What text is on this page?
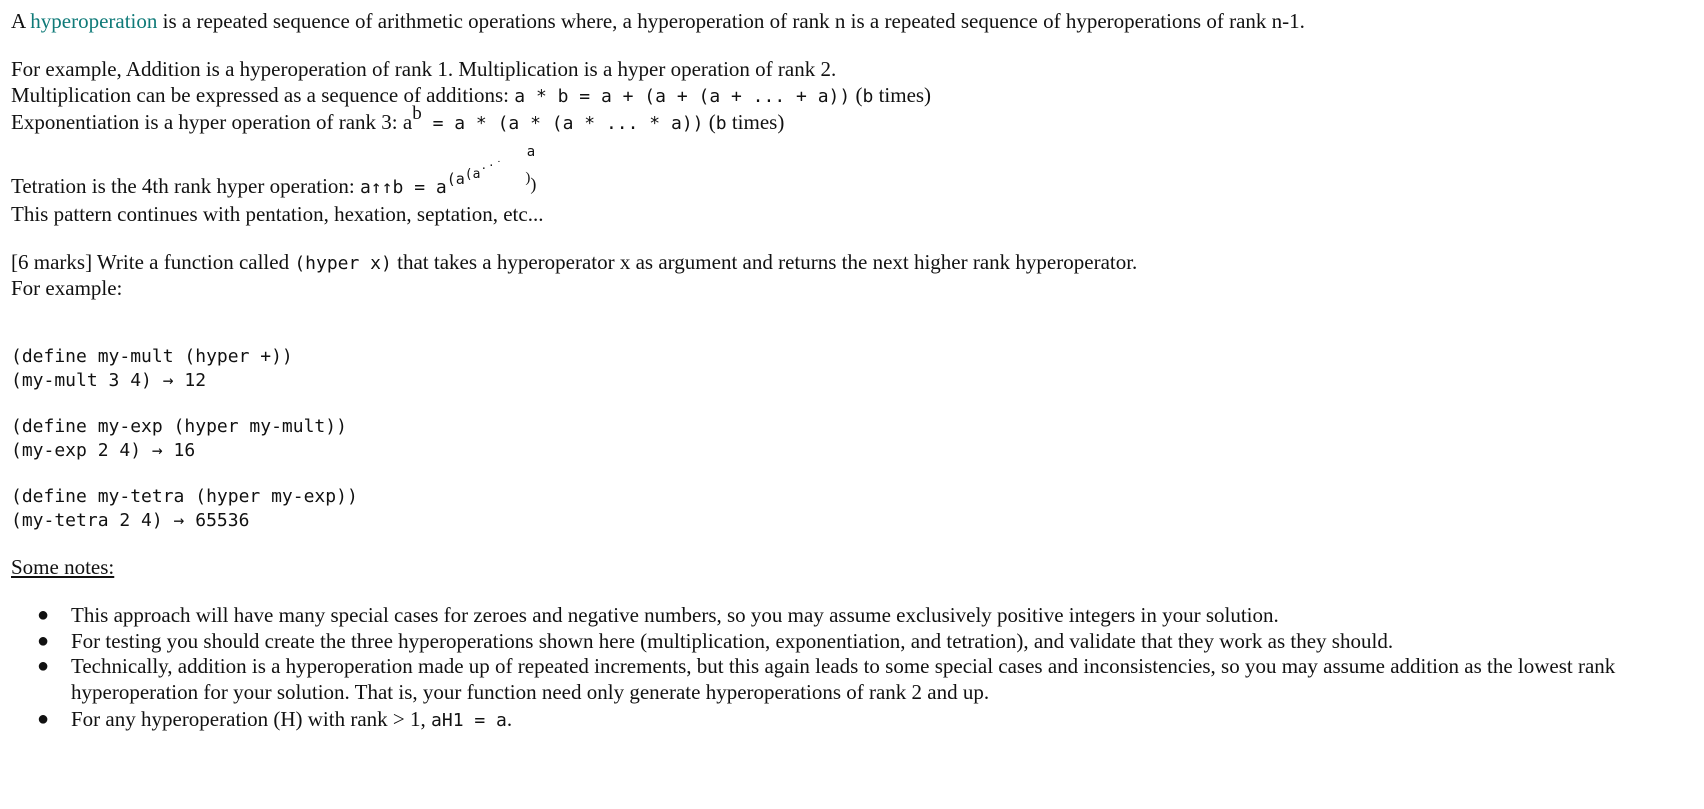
A hyperoperation is a repeated sequence of arithmetic operations where, a hyperoperation of rank n is a repeated sequence of hyperoperations of rank n-1.
For example, Addition is a hyperoperation of rank 1. Multiplication is a hyper operation of rank 2.
Multiplication can be expressed as a sequence of additions: a * b = a + (a + (a + ... + a)) (b times)
Exponentiation is a hyper operation of rank 3: $a^b = a * (a * (a$ * ... * a)) (b times)
Tetration is the 4th rank hyper operation: a↑↑b = $a^{(a(a.\cdot˙}$
a
))
This pattern continues with pentation, hexation, septation, etc...
[6 marks] Write a function called (hyper x) that takes a hyperoperator x as argument and returns the next higher rank hyperoperator.
For example:
(define my-mult (hyper +))
(my-mult 3 4) → 12
(define my-exp (hyper my-mult))
(my-exp 2 4) → 16
(define my-tetra (hyper my-exp))
(my-tetra 2 4) → 65536
Some notes:
● This approach will have many special cases for zeroes and negative numbers, so you may assume exclusively positive integers in your solution.
● For testing you should create the three hyperoperations shown here (multiplication, exponentiation, and tetration), and validate that they work as they should.
● Technically, addition is a hyperoperation made up of repeated increments, but this again leads to some special cases and inconsistencies, so you may assume addition as the lowest rank hyperoperation for your solution. That is, your function need only generate hyperoperations of rank 2 and up.
● For any hyperoperation (H) with rank > 1, aH1 = a.
